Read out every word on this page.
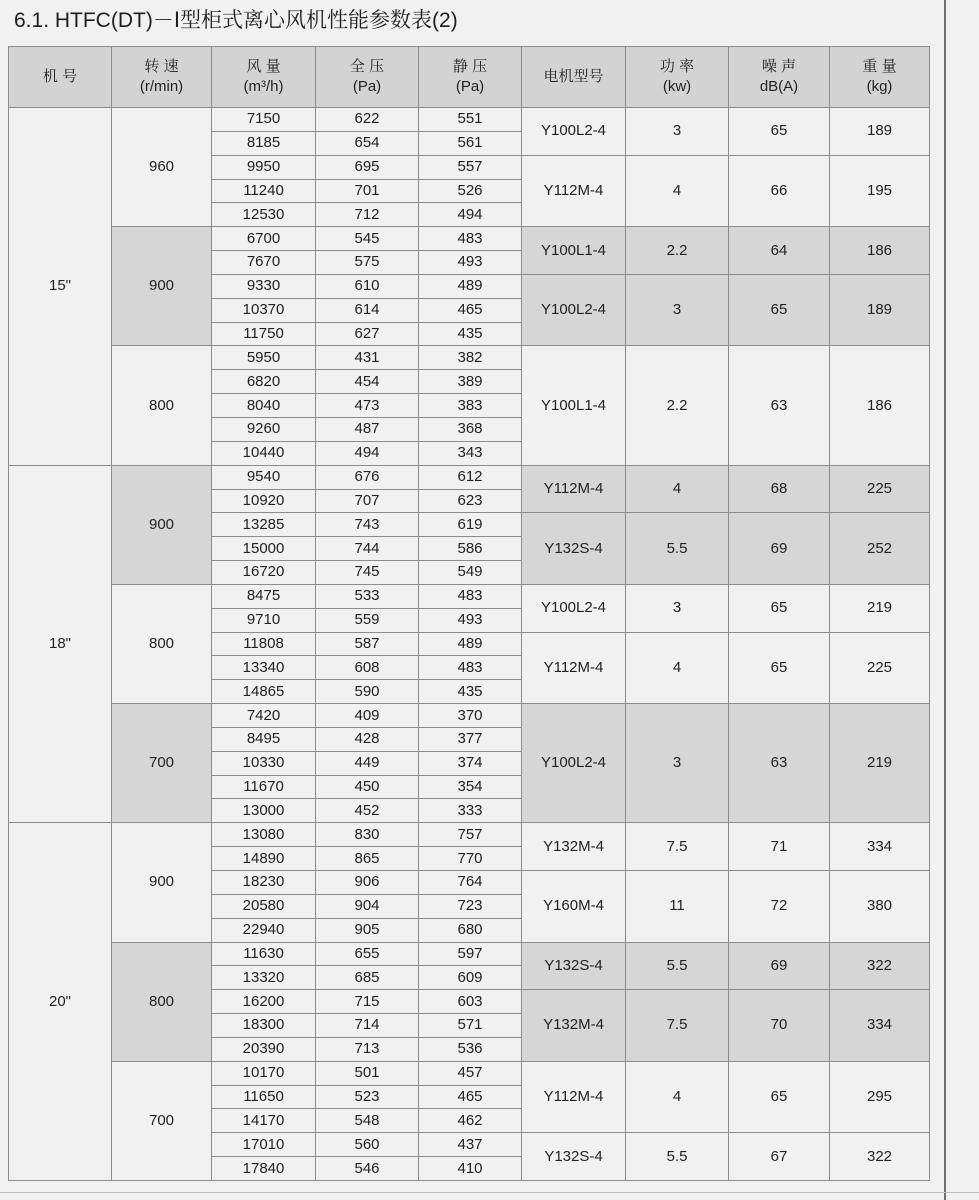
6.1. HTFC(DT)－Ⅰ型柜式离心风机性能参数表(2)
机 号	转 速
(r/min)	风 量
(m³/h)	全 压
(Pa)	静 压
(Pa)	电机型号	功 率
(kw)	噪 声
dB(A)	重 量
(kg)

15"	960	7150	622	551	Y100L2-4	3	65	189
		8185	654	561				
		9950	695	557	Y112M-4	4	66	195
		11240	701	526				
		12530	712	494				
	900	6700	545	483	Y100L1-4	2.2	64	186
		7670	575	493				
		9330	610	489	Y100L2-4	3	65	189
		10370	614	465				
		11750	627	435				
	800	5950	431	382	Y100L1-4	2.2	63	186
		6820	454	389				
		8040	473	383				
		9260	487	368				
		10440	494	343				
18"	900	9540	676	612	Y112M-4	4	68	225
		10920	707	623				
		13285	743	619	Y132S-4	5.5	69	252
		15000	744	586				
		16720	745	549				
	800	8475	533	483	Y100L2-4	3	65	219
		9710	559	493				
		11808	587	489	Y112M-4	4	65	225
		13340	608	483				
		14865	590	435				
	700	7420	409	370	Y100L2-4	3	63	219
		8495	428	377				
		10330	449	374				
		11670	450	354				
		13000	452	333				
20"	900	13080	830	757	Y132M-4	7.5	71	334
		14890	865	770				
		18230	906	764	Y160M-4	11	72	380
		20580	904	723				
		22940	905	680				
	800	11630	655	597	Y132S-4	5.5	69	322
		13320	685	609				
		16200	715	603	Y132M-4	7.5	70	334
		18300	714	571				
		20390	713	536				
	700	10170	501	457	Y112M-4	4	65	295
		11650	523	465				
		14170	548	462				
		17010	560	437	Y132S-4	5.5	67	322
		17840	546	410				
